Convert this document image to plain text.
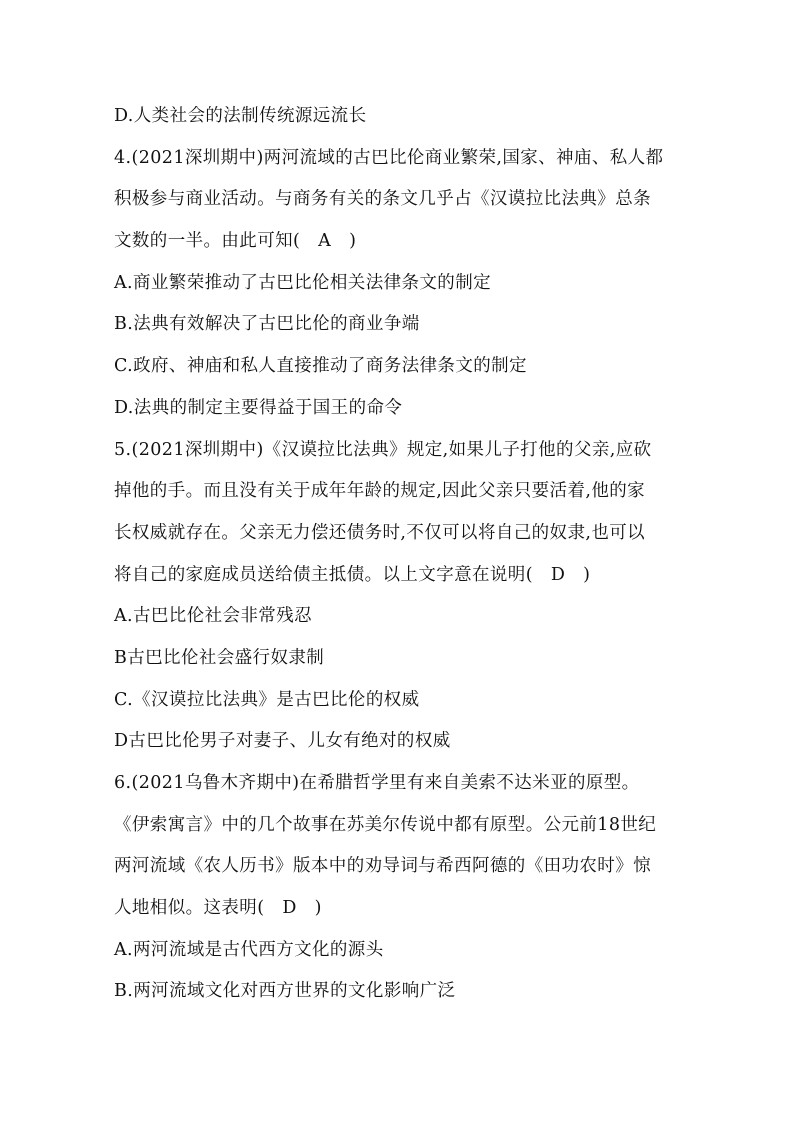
D.人类社会的法制传统源远流长
4.(2021深圳期中)两河流域的古巴比伦商业繁荣,国家、神庙、私人都
积极参与商业活动。与商务有关的条文几乎占《汉谟拉比法典》总条
文数的一半。由此可知(　A　)
A.商业繁荣推动了古巴比伦相关法律条文的制定
B.法典有效解决了古巴比伦的商业争端
C.政府、神庙和私人直接推动了商务法律条文的制定
D.法典的制定主要得益于国王的命令
5.(2021深圳期中)《汉谟拉比法典》规定,如果儿子打他的父亲,应砍
掉他的手。而且没有关于成年年龄的规定,因此父亲只要活着,他的家
长权威就存在。父亲无力偿还债务时,不仅可以将自己的奴隶,也可以
将自己的家庭成员送给债主抵债。以上文字意在说明(　D　)
A.古巴比伦社会非常残忍
B古巴比伦社会盛行奴隶制
C.《汉谟拉比法典》是古巴比伦的权威
D古巴比伦男子对妻子、儿女有绝对的权威
6.(2021乌鲁木齐期中)在希腊哲学里有来自美索不达米亚的原型。
《伊索寓言》中的几个故事在苏美尔传说中都有原型。公元前18世纪
两河流域《农人历书》版本中的劝导词与希西阿德的《田功农时》惊
人地相似。这表明(　D　)
A.两河流域是古代西方文化的源头
B.两河流域文化对西方世界的文化影响广泛
